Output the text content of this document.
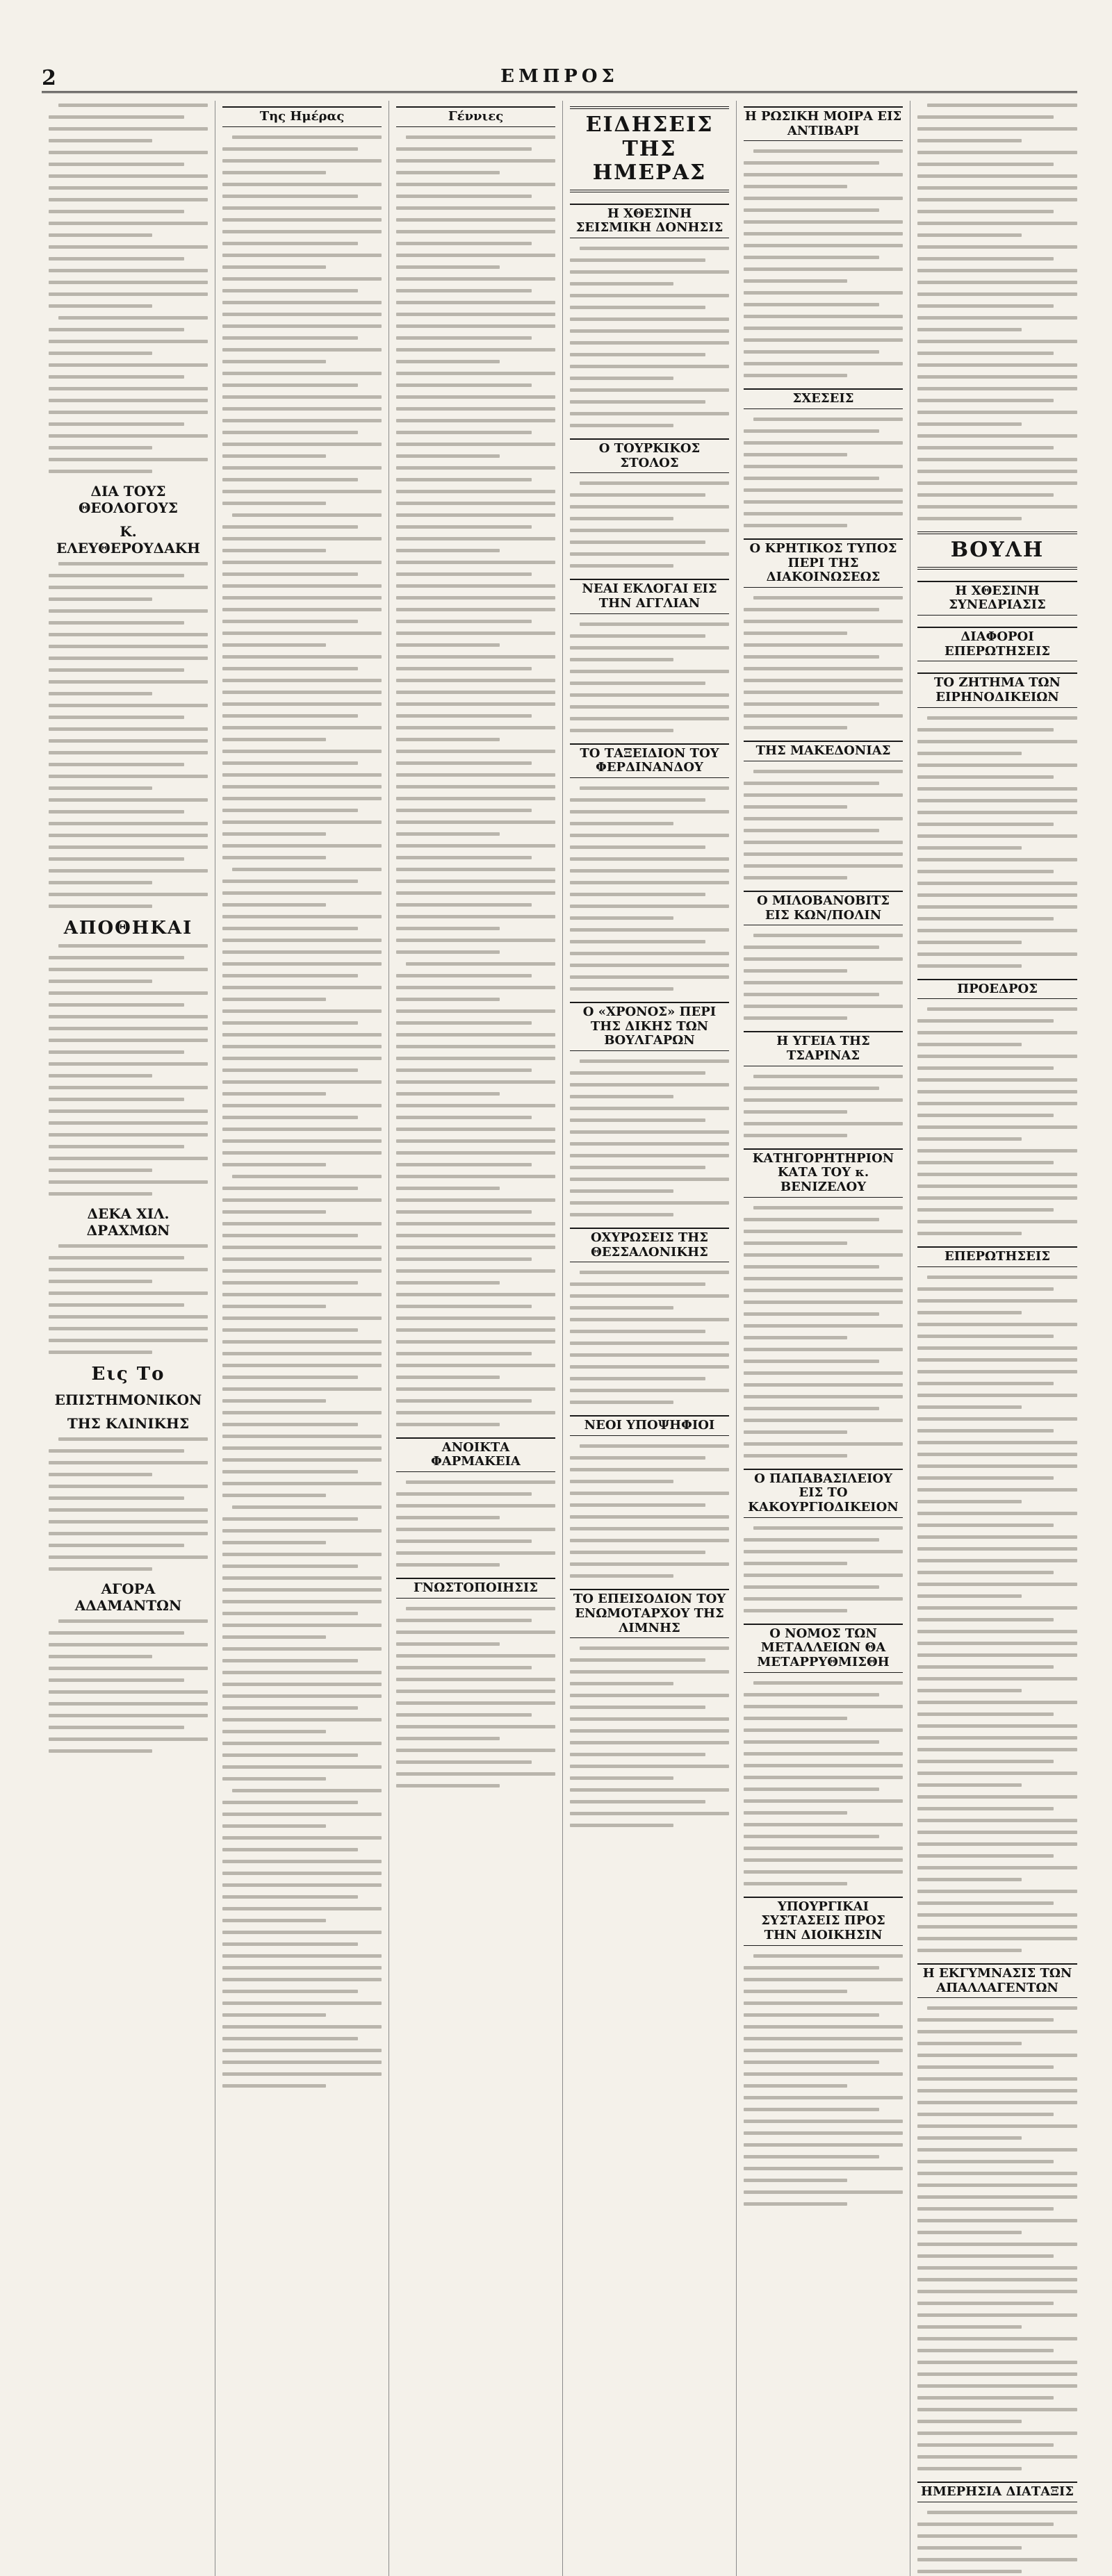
2	ΕΜΠΡΟΣ
ΔΙΑ ΤΟΥΣ ΘΕΟΛΟΓΟΥΣ
Κ. ΕΛΕΥΘΕΡΟΥΔΑΚΗ
ΑΠΟΘΗΚΑΙ
ΔΕΚΑ ΧΙΛ. ΔΡΑΧΜΩΝ
Εις Το
ΕΠΙΣΤΗΜΟΝΙΚΟΝ
ΤΗΣ ΚΛΙΝΙΚΗΣ
ΑΓΟΡΑ ΑΔΑΜΑΝΤΩΝ
Της Ημέρας	Γέννιες
ΑΝΟΙΚΤΑ ΦΑΡΜΑΚΕΙΑ
ΓΝΩΣΤΟΠΟΙΗΣΙΣ
ΕΙΔΗΣΕΙΣ ΤΗΣ ΗΜΕΡΑΣ
Η ΧΘΕΣΙΝΗ ΣΕΙΣΜΙΚΗ ΔΟΝΗΣΙΣ
Ο ΤΟΥΡΚΙΚΟΣ ΣΤΟΛΟΣ
ΝΕΑΙ ΕΚΛΟΓΑΙ ΕΙΣ ΤΗΝ ΑΓΓΛΙΑΝ
ΤΟ ΤΑΞΕΙΔΙΟΝ ΤΟΥ ΦΕΡΔΙΝΑΝΔΟΥ
Ο «ΧΡΟΝΟΣ» ΠΕΡΙ ΤΗΣ ΔΙΚΗΣ ΤΩΝ ΒΟΥΛΓΑΡΩΝ
ΟΧΥΡΩΣΕΙΣ ΤΗΣ ΘΕΣΣΑΛΟΝΙΚΗΣ
ΝΕΟΙ ΥΠΟΨΗΦΙΟΙ
ΤΟ ΕΠΕΙΣΟΔΙΟΝ ΤΟΥ ΕΝΩΜΟΤΑΡΧΟΥ ΤΗΣ ΛΙΜΝΗΣ
Η ΡΩΣΙΚΗ ΜΟΙΡΑ ΕΙΣ ΑΝΤΙΒΑΡΙ
ΣΧΕΣΕΙΣ
Ο ΚΡΗΤΙΚΟΣ ΤΥΠΟΣ ΠΕΡΙ ΤΗΣ ΔΙΑΚΟΙΝΩΣΕΩΣ
ΤΗΣ ΜΑΚΕΔΟΝΙΑΣ
Ο ΜΙΛΟΒΑΝΟΒΙΤΣ ΕΙΣ ΚΩΝ/ΠΟΛΙΝ
Η ΥΓΕΙΑ ΤΗΣ ΤΣΑΡΙΝΑΣ
ΚΑΤΗΓΟΡΗΤΗΡΙΟΝ ΚΑΤΑ ΤΟΥ κ. ΒΕΝΙΖΕΛΟΥ
Ο ΠΑΠΑΒΑΣΙΛΕΙΟΥ ΕΙΣ ΤΟ ΚΑΚΟΥΡΓΙΟΔΙΚΕΙΟΝ
Ο ΝΟΜΟΣ ΤΩΝ ΜΕΤΑΛΛΕΙΩΝ ΘΑ ΜΕΤΑΡΡΥΘΜΙΣΘΗ
ΥΠΟΥΡΓΙΚΑΙ ΣΥΣΤΑΣΕΙΣ ΠΡΟΣ ΤΗΝ ΔΙΟΙΚΗΣΙΝ
ΒΟΥΛΗ
Η ΧΘΕΣΙΝΗ ΣΥΝΕΔΡΙΑΣΙΣ
ΔΙΑΦΟΡΟΙ ΕΠΕΡΩΤΗΣΕΙΣ
ΤΟ ΖΗΤΗΜΑ ΤΩΝ ΕΙΡΗΝΟΔΙΚΕΙΩΝ
ΠΡΟΕΔΡΟΣ
ΕΠΕΡΩΤΗΣΕΙΣ
Η ΕΚΓΥΜΝΑΣΙΣ ΤΩΝ ΑΠΑΛΛΑΓΕΝΤΩΝ
ΗΜΕΡΗΣΙΑ ΔΙΑΤΑΞΙΣ
